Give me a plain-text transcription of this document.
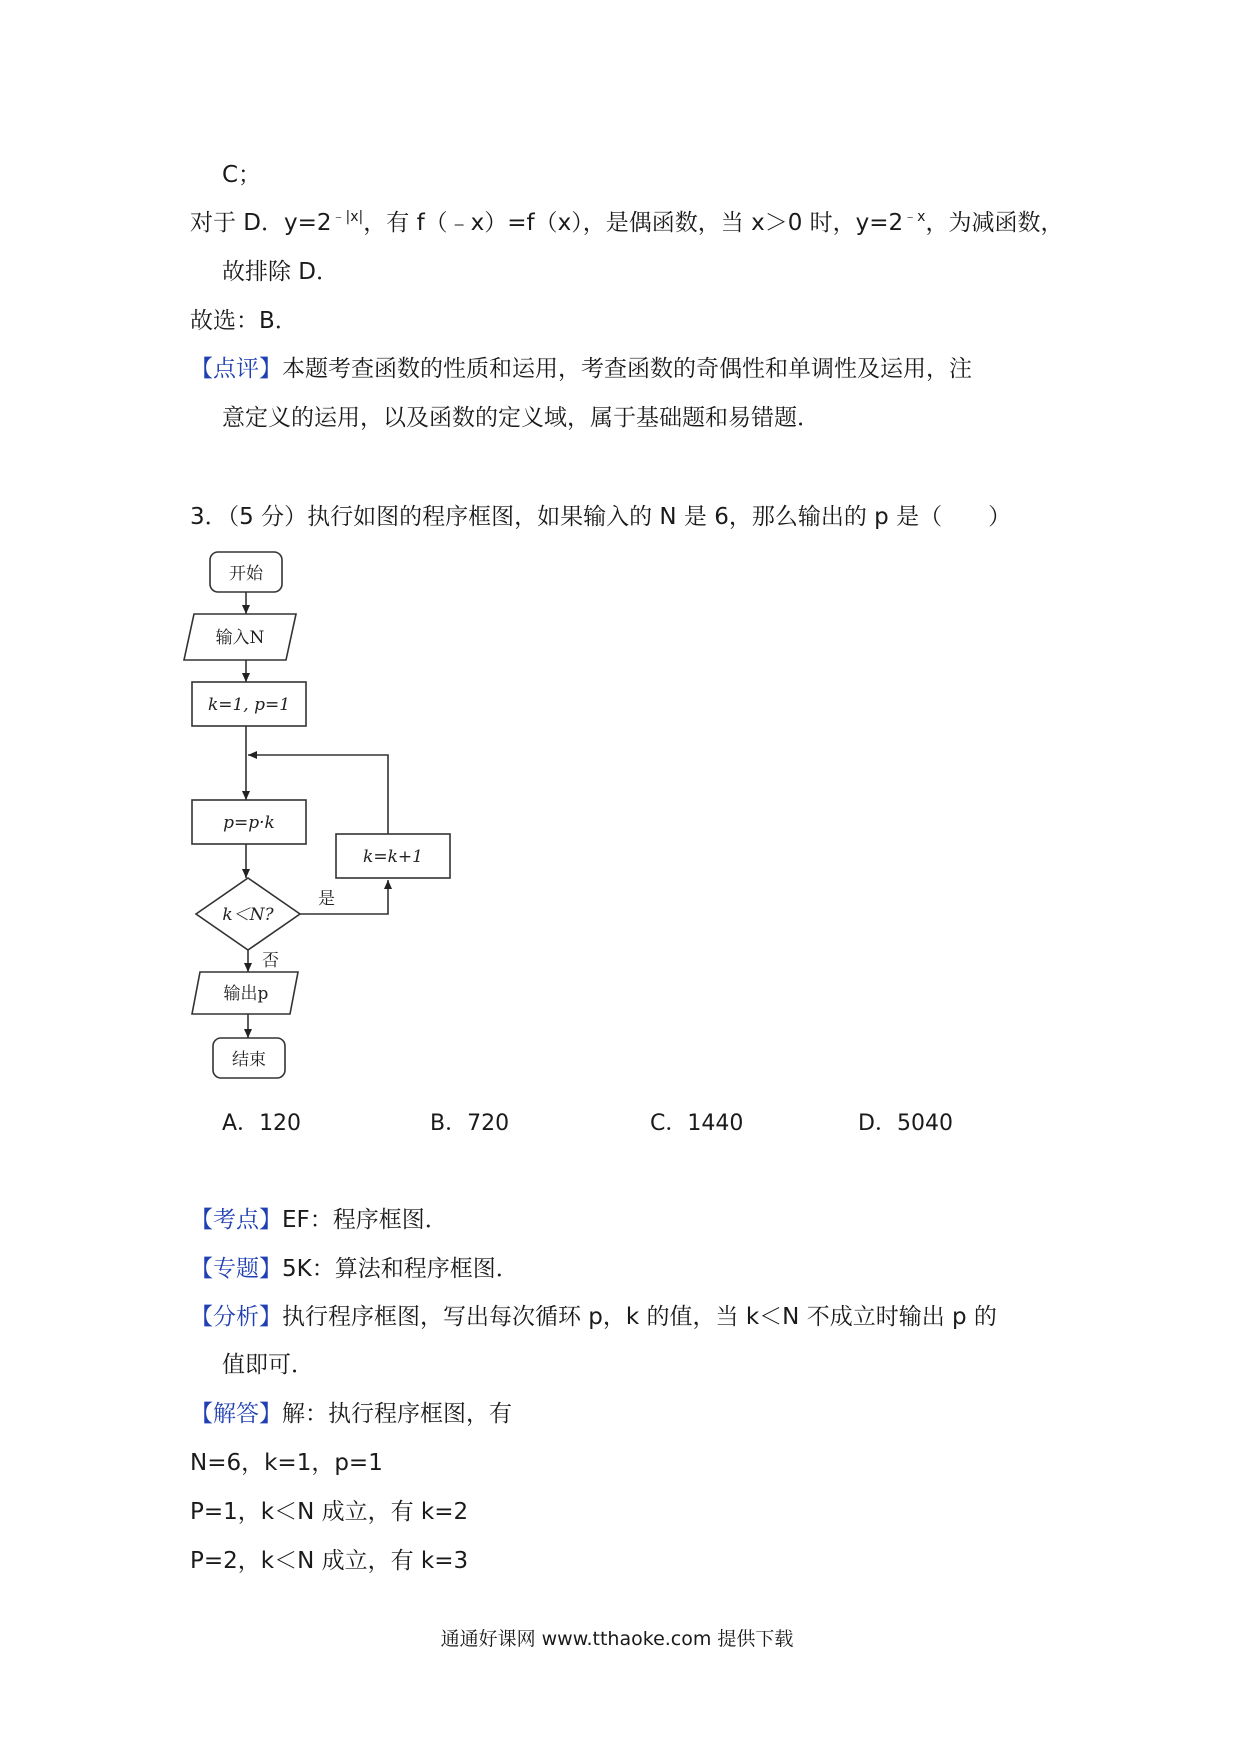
C；
对于 D．$y=2^{﹣|x|}$，有 f（﹣x）=f（x），是偶函数，当 x＞0 时，$y=2^{﹣x}$，为减函数，
故排除 D．
故选：B．
【点评】本题考查函数的性质和运用，考查函数的奇偶性和单调性及运用，注
意定义的运用，以及函数的定义域，属于基础题和易错题．
3．（5 分）执行如图的程序框图，如果输入的 N 是 6，那么输出的 p 是（　　）
开始
输入N
k=1, p=1
p=p·k
k=k+1
k＜N?
是
否
输出p
结束
A．120	B．720	C．1440	D．5040
【考点】EF：程序框图．
【专题】5K：算法和程序框图．
【分析】执行程序框图，写出每次循环 p，k 的值，当 k＜N 不成立时输出 p 的
值即可．
【解答】解：执行程序框图，有
N=6，k=1，p=1
P=1，k＜N 成立，有 k=2
P=2，k＜N 成立，有 k=3
通通好课网 www.tthaoke.com 提供下载
